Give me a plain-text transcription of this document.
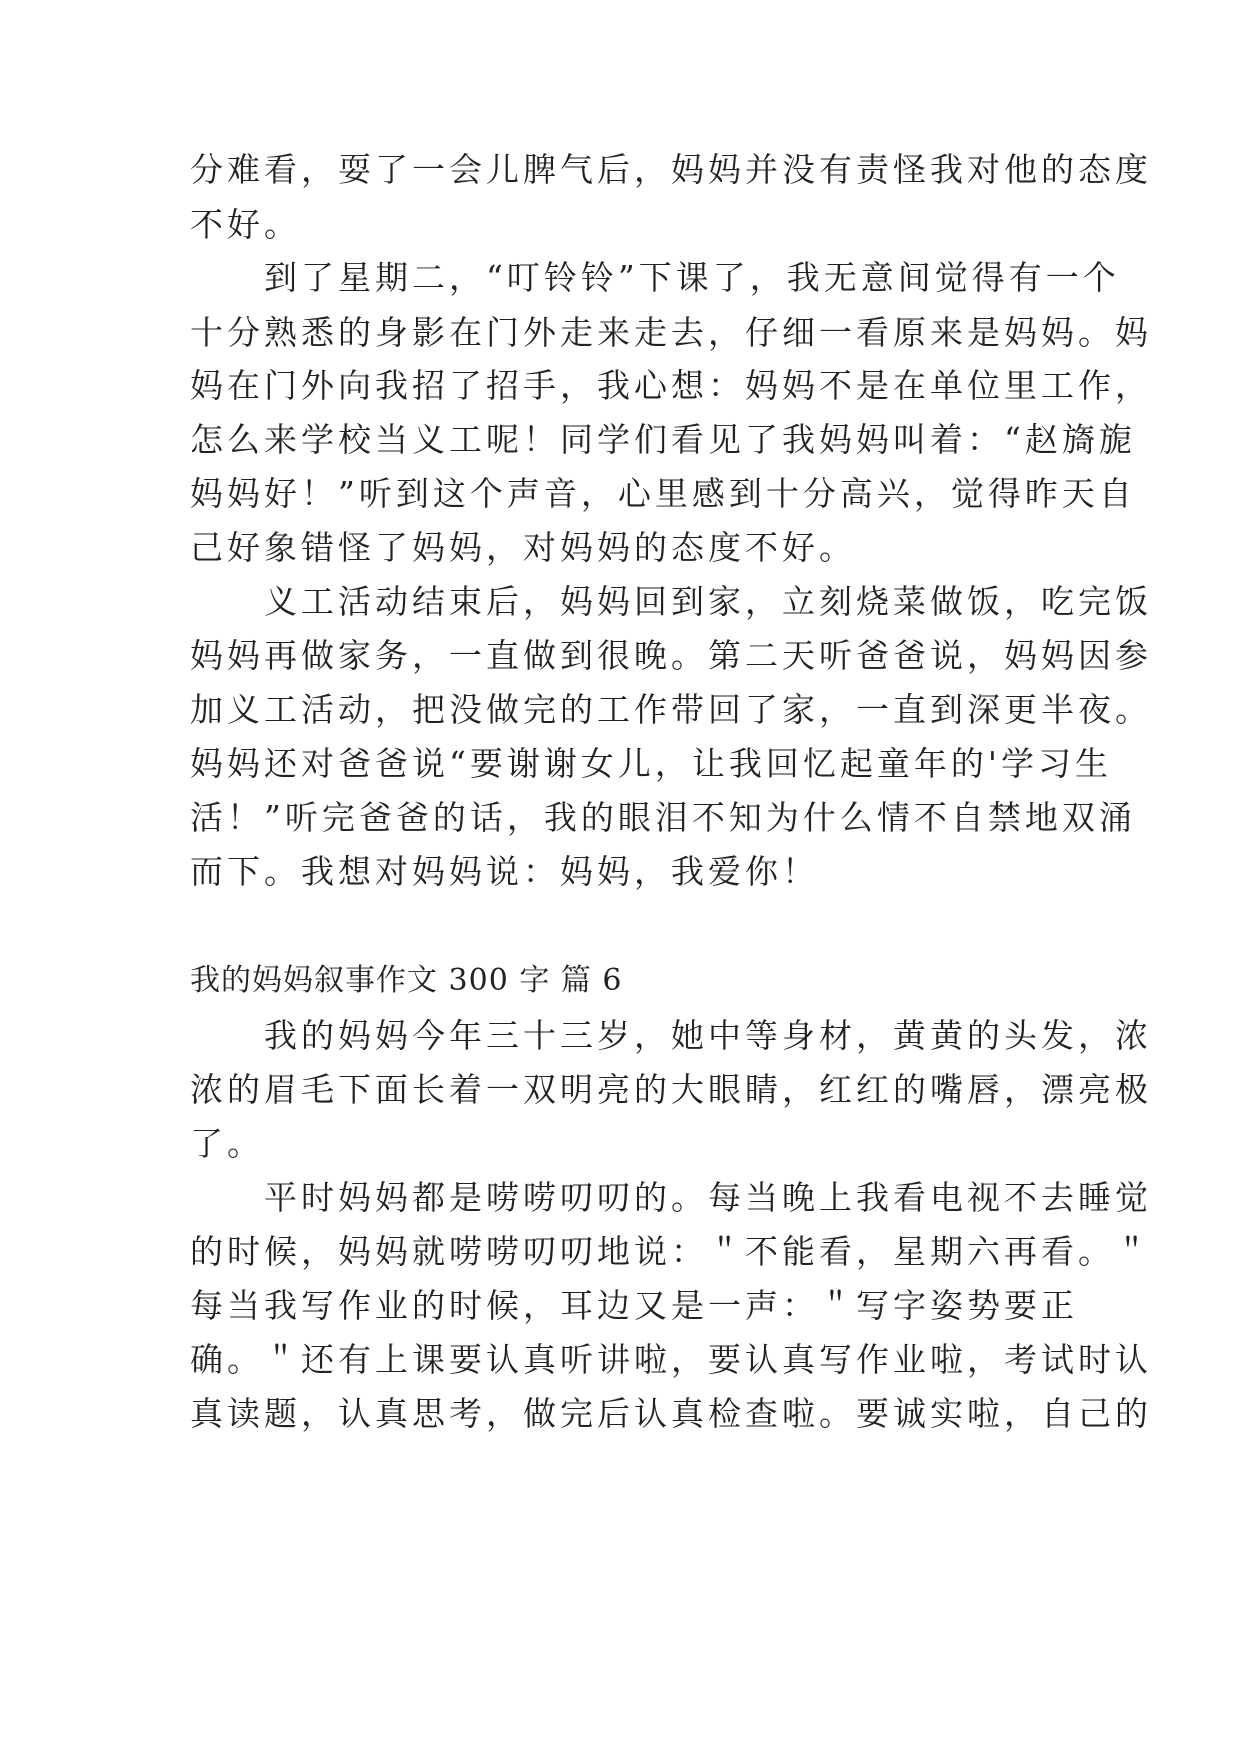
分难看，耍了一会儿脾气后，妈妈并没有责怪我对他的态度
不好。
　　到了星期二，“叮铃铃”下课了，我无意间觉得有一个
十分熟悉的身影在门外走来走去，仔细一看原来是妈妈。妈
妈在门外向我招了招手，我心想：妈妈不是在单位里工作，
怎么来学校当义工呢！同学们看见了我妈妈叫着：“赵旖旎
妈妈好！”听到这个声音，心里感到十分高兴，觉得昨天自
己好象错怪了妈妈，对妈妈的态度不好。
　　义工活动结束后，妈妈回到家，立刻烧菜做饭，吃完饭
妈妈再做家务，一直做到很晚。第二天听爸爸说，妈妈因参
加义工活动，把没做完的工作带回了家，一直到深更半夜。
妈妈还对爸爸说“要谢谢女儿，让我回忆起童年的'学习生
活！”听完爸爸的话，我的眼泪不知为什么情不自禁地双涌
而下。我想对妈妈说：妈妈，我爱你！
我的妈妈叙事作文 300 字 篇 6
　　我的妈妈今年三十三岁，她中等身材，黄黄的头发，浓
浓的眉毛下面长着一双明亮的大眼睛，红红的嘴唇，漂亮极
了。
　　平时妈妈都是唠唠叨叨的。每当晚上我看电视不去睡觉
的时候，妈妈就唠唠叨叨地说：＂不能看，星期六再看。＂
每当我写作业的时候，耳边又是一声：＂写字姿势要正
确。＂还有上课要认真听讲啦，要认真写作业啦，考试时认
真读题，认真思考，做完后认真检查啦。要诚实啦，自己的
